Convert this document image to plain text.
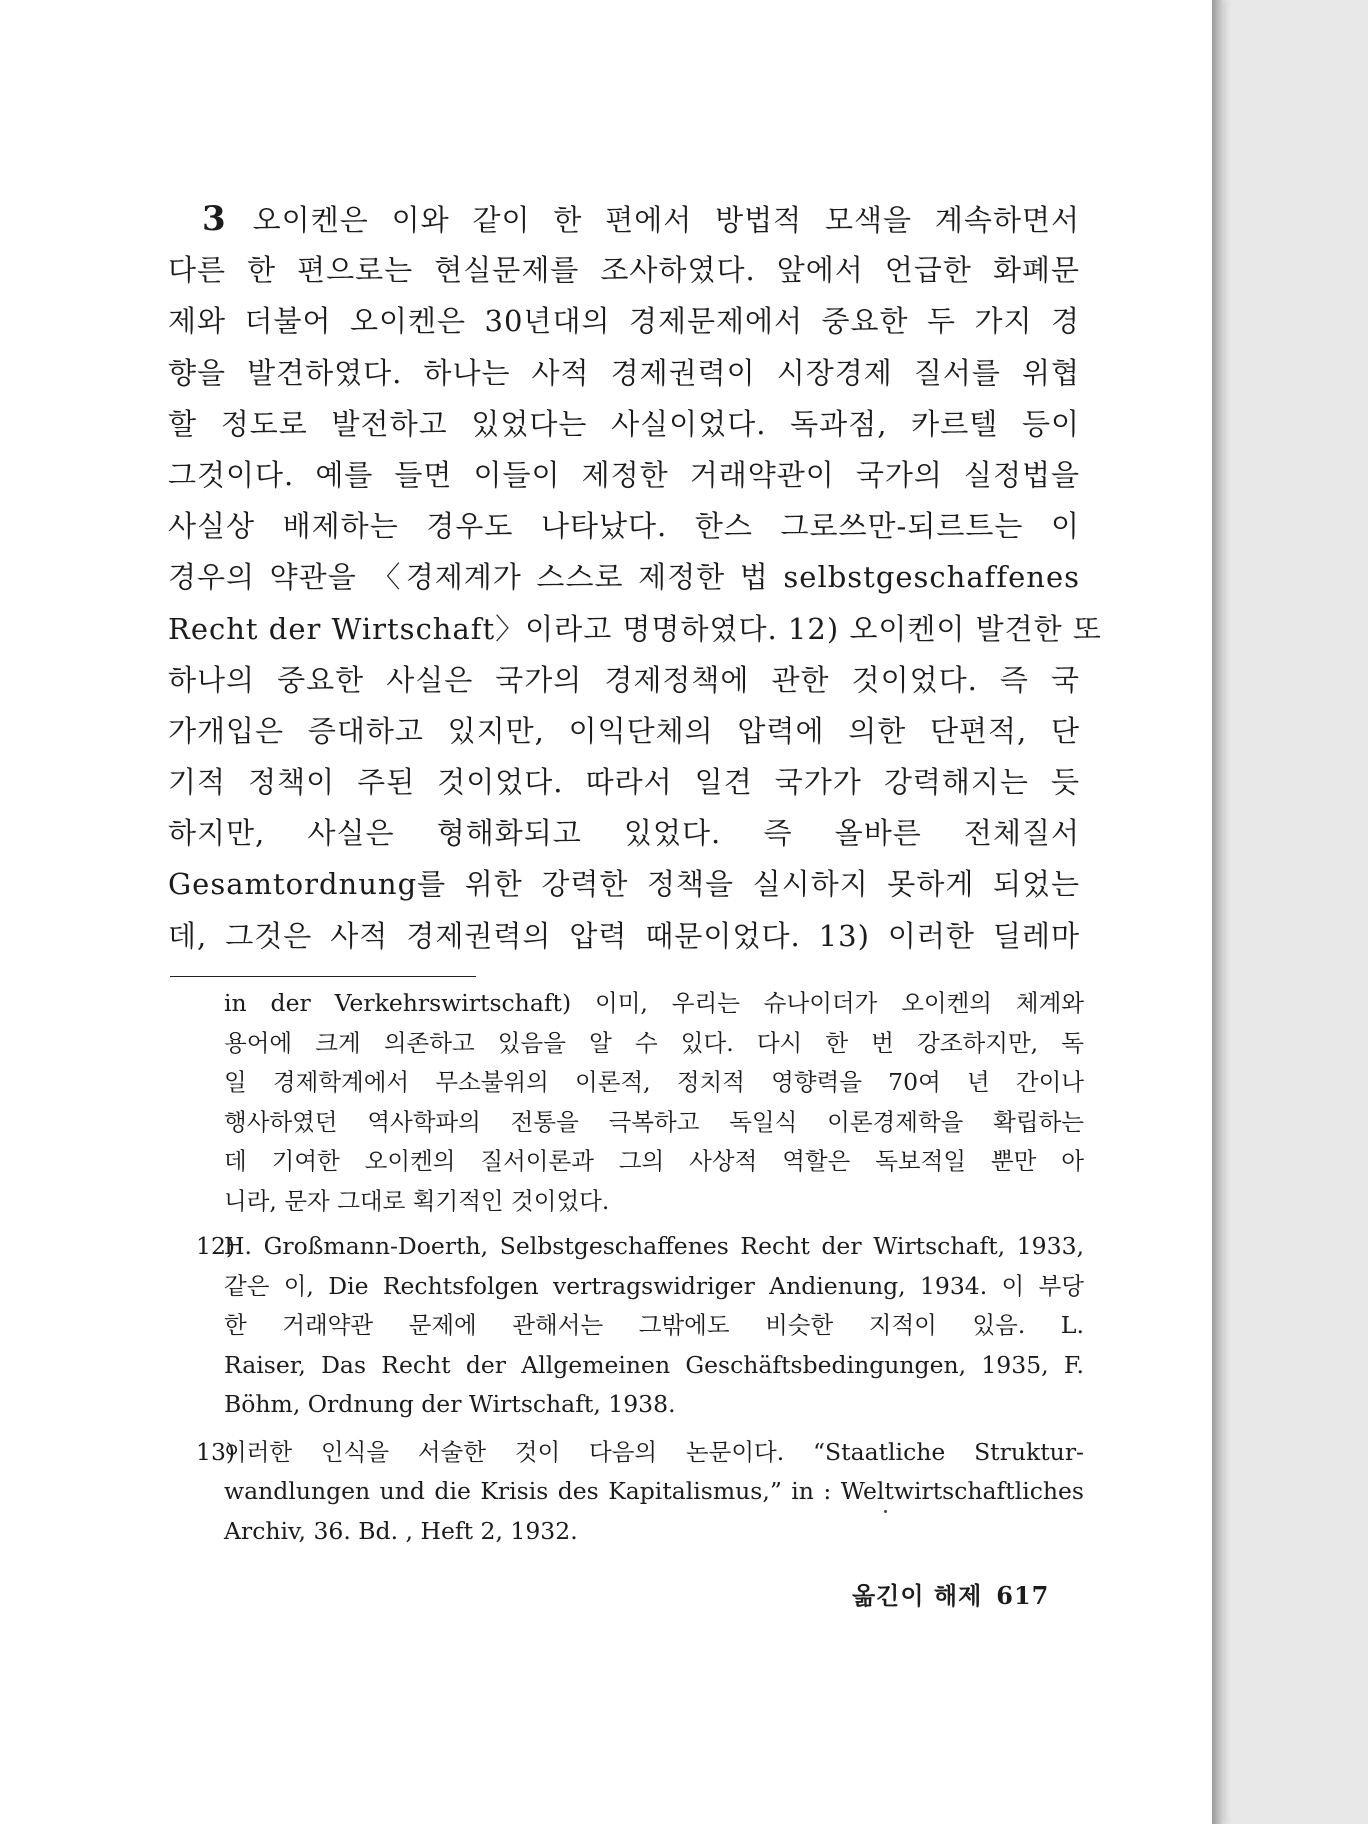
3 오이켄은 이와 같이 한 편에서 방법적 모색을 계속하면서
다른 한 편으로는 현실문제를 조사하였다. 앞에서 언급한 화폐문
제와 더불어 오이켄은 30년대의 경제문제에서 중요한 두 가지 경
향을 발견하였다. 하나는 사적 경제권력이 시장경제 질서를 위협
할 정도로 발전하고 있었다는 사실이었다. 독과점, 카르텔 등이
그것이다. 예를 들면 이들이 제정한 거래약관이 국가의 실정법을
사실상 배제하는 경우도 나타났다. 한스 그로쓰만-되르트는 이
경우의 약관을 〈경제계가 스스로 제정한 법 selbstgeschaffenes
Recht der Wirtschaft〉이라고 명명하였다. 12) 오이켄이 발견한 또
하나의 중요한 사실은 국가의 경제정책에 관한 것이었다. 즉 국
가개입은 증대하고 있지만, 이익단체의 압력에 의한 단편적, 단
기적 정책이 주된 것이었다. 따라서 일견 국가가 강력해지는 듯
하지만, 사실은 형해화되고 있었다. 즉 올바른 전체질서
Gesamtordnung를 위한 강력한 정책을 실시하지 못하게 되었는
데, 그것은 사적 경제권력의 압력 때문이었다. 13) 이러한 딜레마
in der Verkehrswirtschaft) 이미, 우리는 슈나이더가 오이켄의 체계와
용어에 크게 의존하고 있음을 알 수 있다. 다시 한 번 강조하지만, 독
일 경제학계에서 무소불위의 이론적, 정치적 영향력을 70여 년 간이나
행사하였던 역사학파의 전통을 극복하고 독일식 이론경제학을 확립하는
데 기여한 오이켄의 질서이론과 그의 사상적 역할은 독보적일 뿐만 아
니라, 문자 그대로 획기적인 것이었다.
12)H. Großmann-Doerth, Selbstgeschaffenes Recht der Wirtschaft, 1933,
같은 이, Die Rechtsfolgen vertragswidriger Andienung, 1934. 이 부당
한 거래약관 문제에 관해서는 그밖에도 비슷한 지적이 있음. L.
Raiser, Das Recht der Allgemeinen Geschäftsbedingungen, 1935, F.
Böhm, Ordnung der Wirtschaft, 1938.
13)이러한 인식을 서술한 것이 다음의 논문이다. “Staatliche Struktur-
wandlungen und die Krisis des Kapitalismus,” in : Weltwirtschaftliches
Archiv, 36. Bd. , Heft 2, 1932.
옮긴이 해제 617
